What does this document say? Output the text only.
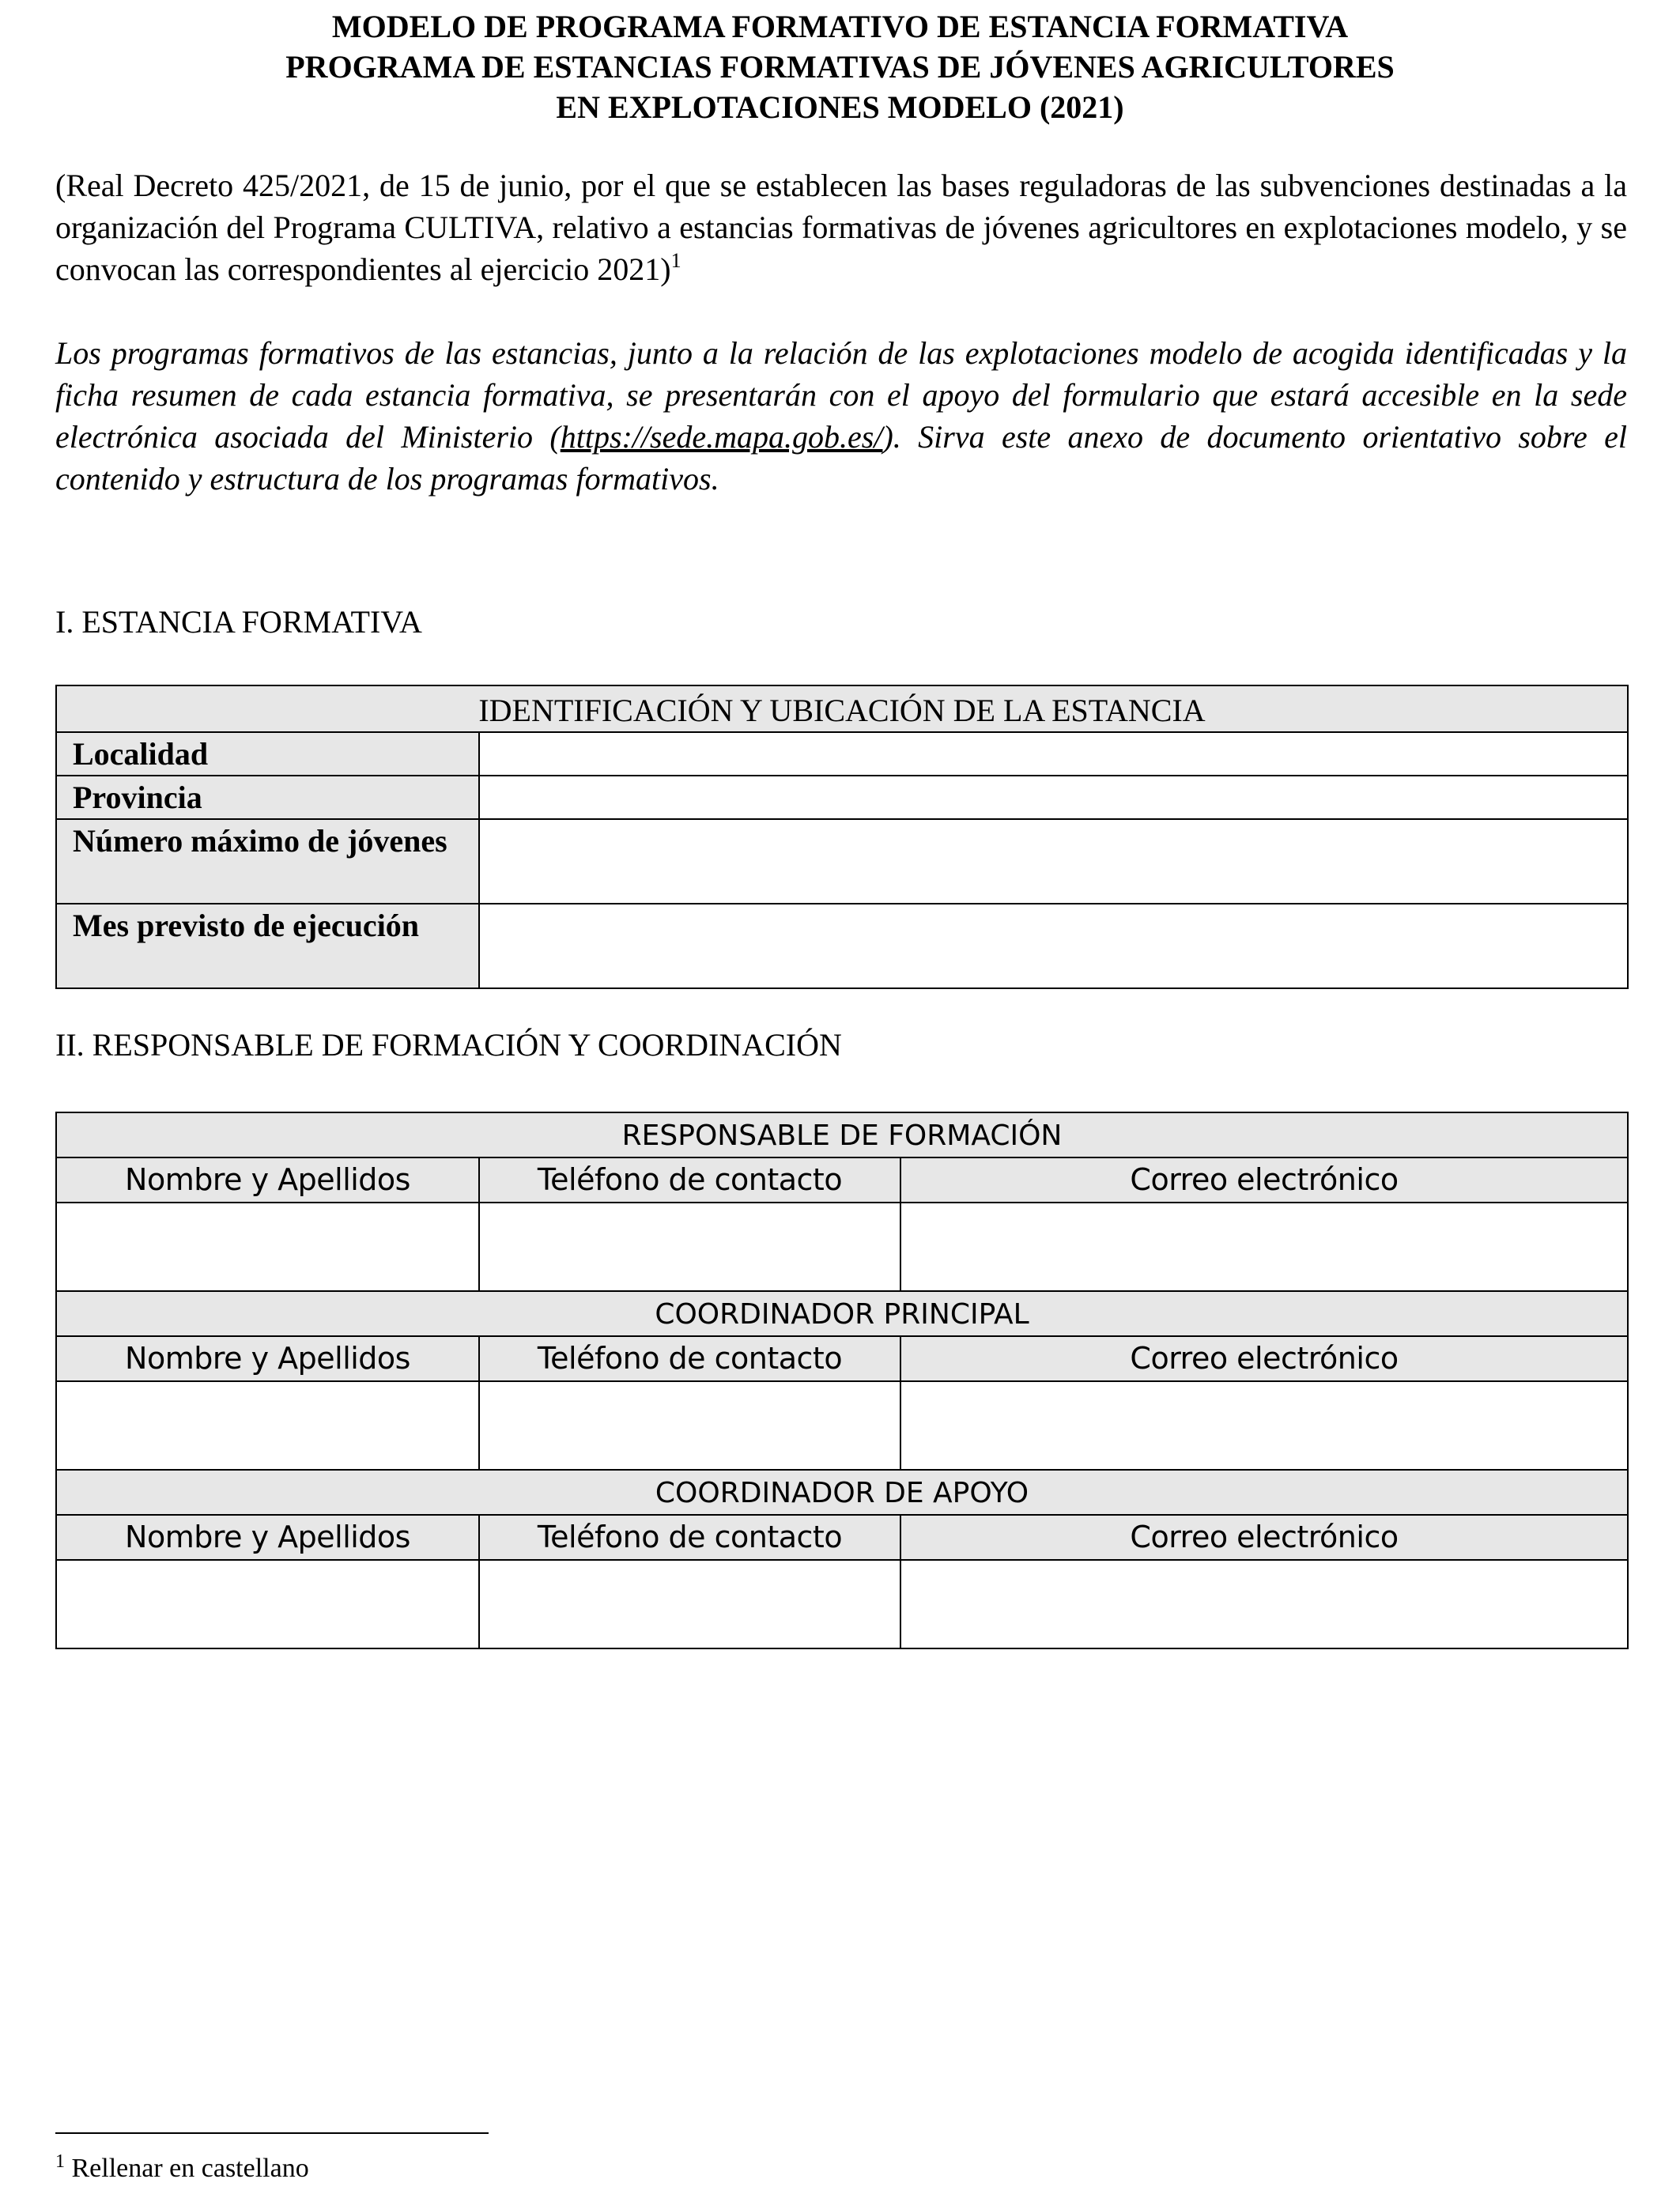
MODELO DE PROGRAMA FORMATIVO DE ESTANCIA FORMATIVA
PROGRAMA DE ESTANCIAS FORMATIVAS DE JÓVENES AGRICULTORES
EN EXPLOTACIONES MODELO (2021)
(Real Decreto 425/2021, de 15 de junio, por el que se establecen las bases reguladoras de las subvenciones destinadas a la organización del Programa CULTIVA, relativo a estancias formativas de jóvenes agricultores en explotaciones modelo, y se convocan las correspondientes al ejercicio 2021)$^1$
Los programas formativos de las estancias, junto a la relación de las explotaciones modelo de acogida identificadas y la ficha resumen de cada estancia formativa, se presentarán con el apoyo del formulario que estará accesible en la sede electrónica asociada del Ministerio (https://sede.mapa.gob.es/). Sirva este anexo de documento orientativo sobre el contenido y estructura de los programas formativos.
I. ESTANCIA FORMATIVA
IDENTIFICACIÓN Y UBICACIÓN DE LA ESTANCIA	
Localidad	
Provincia	
Número máximo de jóvenes	
Mes previsto de ejecución	
II. RESPONSABLE DE FORMACIÓN Y COORDINACIÓN
RESPONSABLE DE FORMACIÓN		
Nombre y Apellidos	Teléfono de contacto	Correo electrónico

COORDINADOR PRINCIPAL		
Nombre y Apellidos	Teléfono de contacto	Correo electrónico

COORDINADOR DE APOYO		
Nombre y Apellidos	Teléfono de contacto	Correo electrónico

$^1$ Rellenar en castellano
